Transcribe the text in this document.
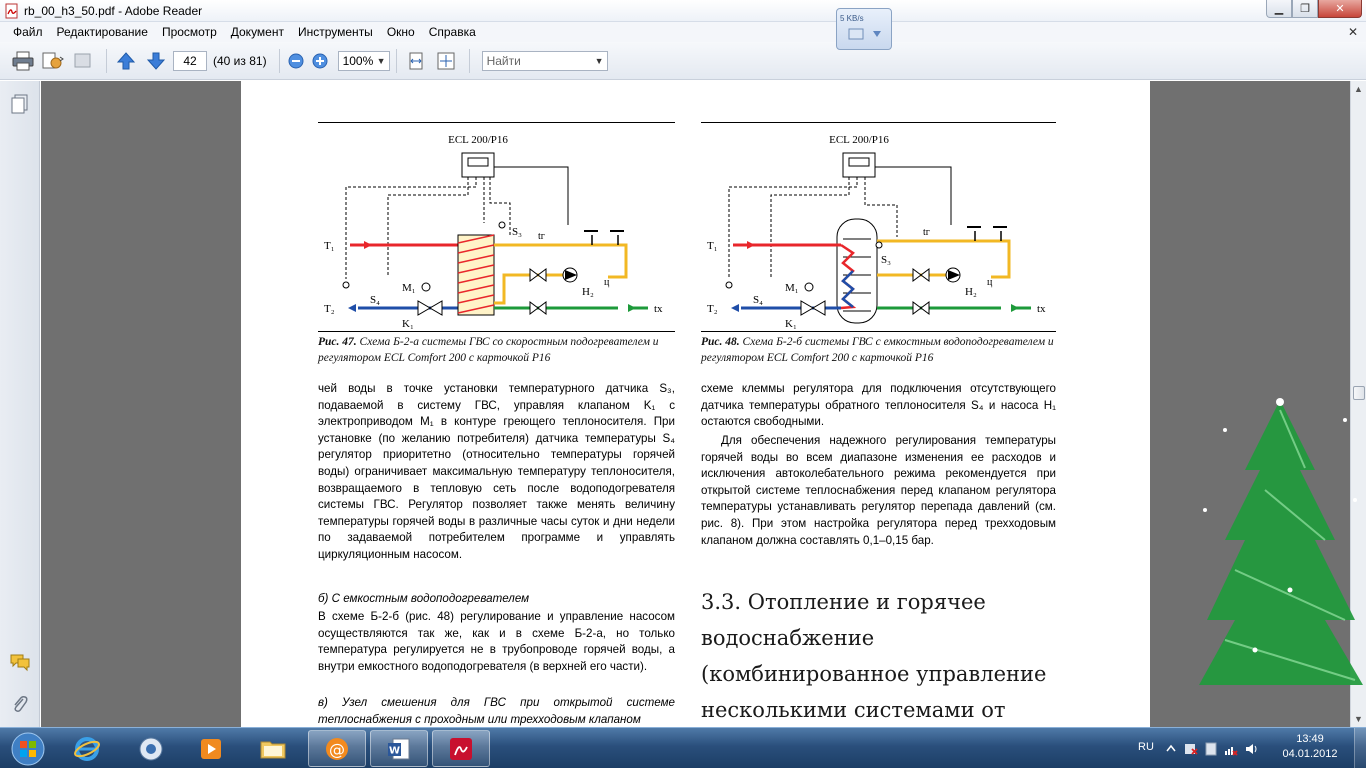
rb_00_h3_50.pdf - Adobe Reader	▁	❐	✕
Файл	Редактирование	Просмотр	Документ	Инструменты	Окно	Справка	✕
42
(40 из 81)	100% ▼	Найти	▼
5 KB/s
ECL 200/P16
T₁
T₂
S₄
M₁
K₁
S₃ tг
H₂
ц
tx
Рис. 47. Схема Б-2-а системы ГВС со скоростным подогревателем и регулятором ECL Comfort 200 с карточкой P16
ECL 200/P16
T₁
T₂
S₄
M₁
K₁
S₃
tг
H₂
ц
tx
Рис. 48. Схема Б-2-б системы ГВС с емкостным водоподогревателем и регулятором ECL Comfort 200 с карточкой P16
чей воды в точке установки температурного датчика S₃, подаваемой в систему ГВС, управляя клапаном K₁ с электроприводом M₁ в контуре греющего теплоносителя. При установке (по желанию потребителя) датчика температуры S₄ регулятор приоритетно (относительно температуры горячей воды) ограничивает максимальную температуру теплоносителя, возвращаемого в тепловую сеть после водоподогревателя системы ГВС. Регулятор позволяет также менять величину температуры горячей воды в различные часы суток и дни недели по задаваемой потребителем программе и управлять циркуляционным насосом.
б) С емкостным водоподогревателем
В схеме Б-2-б (рис. 48) регулирование и управление насосом осуществляются так же, как и в схеме Б-2-а, но только температура регулируется не в трубопроводе горячей воды, а внутри емкостного водоподогревателя (в верхней его части).
в) Узел смешения для ГВС при открытой системе теплоснабжения с проходным или трехходовым клапаном
схеме клеммы регулятора для подключения отсутствующего датчика температуры обратного теплоносителя S₄ и насоса H₁ остаются свободными.
Для обеспечения надежного регулирования температуры горячей воды во всем диапазоне изменения ее расходов и исключения автоколебательного режима рекомендуется при открытой системе теплоснабжения перед клапаном регулятора температуры устанавливать регулятор перепада давлений (см. рис. 8). При этом настройка регулятора перед трехходовым клапаном должна составлять 0,1–0,15 бар.
3.3. Отопление и горячее водоснабжение (комбинированное управление несколькими системами от
▲
▼
@	W	RU
13:49
04.01.2012
